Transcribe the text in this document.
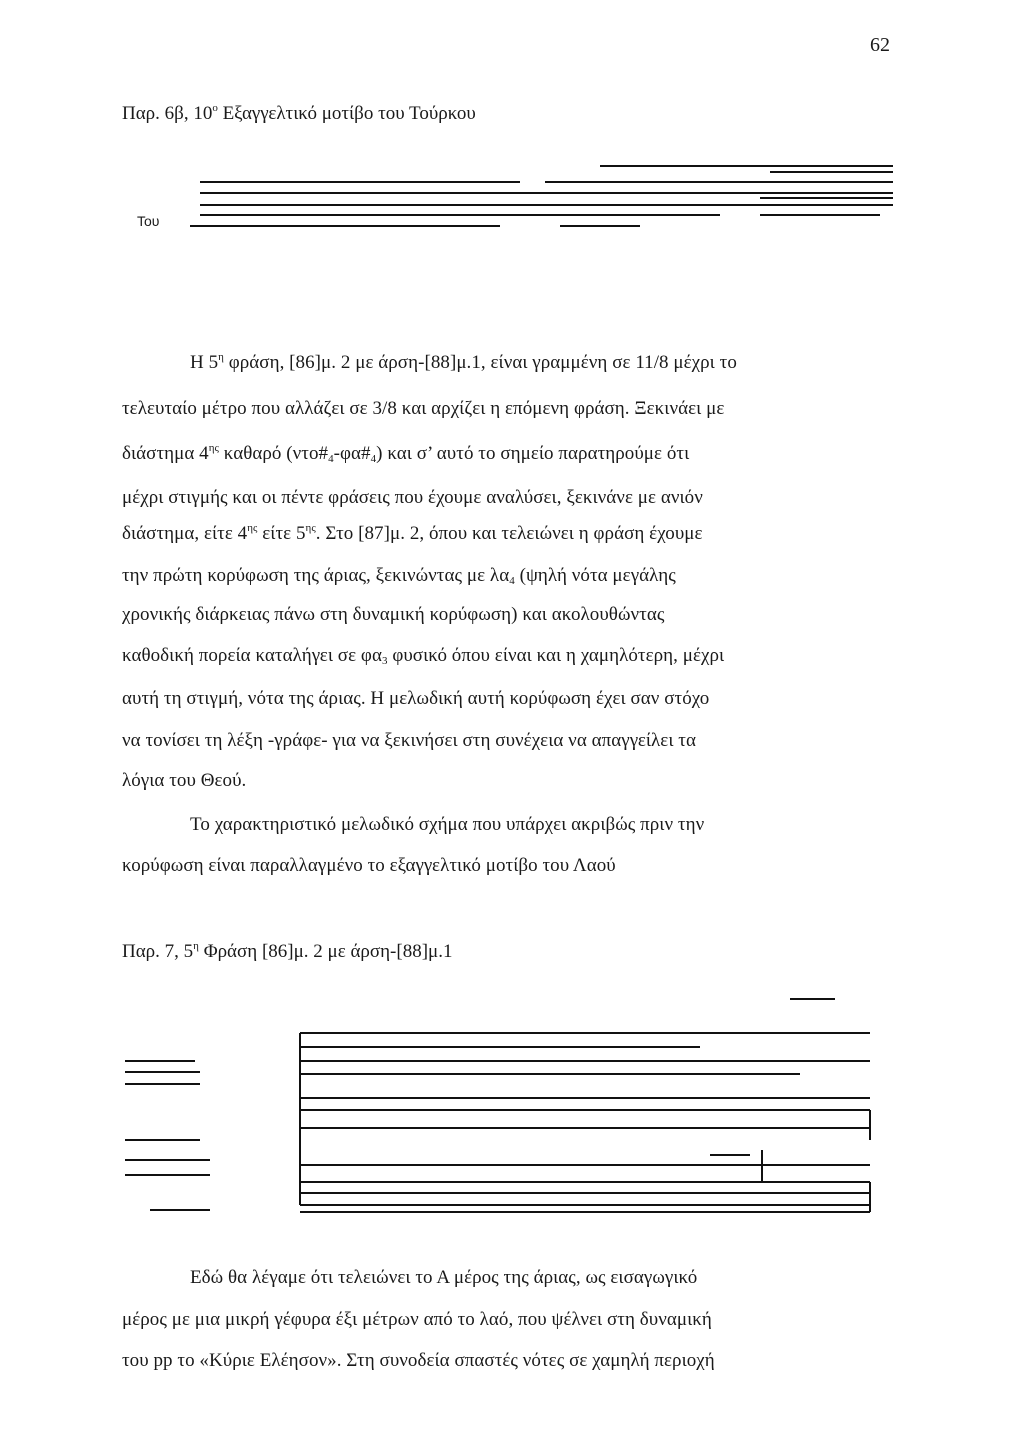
62
Παρ. 6β, $10^o$ Εξαγγελτικό μοτίβο του Τούρκου
Του
Η $5^\eta$ φράση, [86]μ. 2 με άρση-[88]μ.1, είναι γραμμένη σε 11/8 μέχρι το
τελευταίο μέτρο που αλλάζει σε 3/8 και αρχίζει η επόμενη φράση. Ξεκινάει με
διάστημα $4^{\eta\varsigma}$ καθαρό $(\nu\tau o\#_4-\varphi\alpha\#_4)$ και σ’ αυτό το σημείο παρατηρούμε ότι
μέχρι στιγμής και οι πέντε φράσεις που έχουμε αναλύσει, ξεκινάνε με ανιόν
διάστημα, είτε $4^{\eta\varsigma}$ είτε $5^{\eta\varsigma}$. Στο [87]μ. 2, όπου και τελειώνει η φράση έχουμε
την πρώτη κορύφωση της άριας, ξεκινώντας με $\lambda\alpha_4$ (ψηλή νότα μεγάλης
χρονικής διάρκειας πάνω στη δυναμική κορύφωση) και ακολουθώντας
καθοδική πορεία καταλήγει σε $\varphi\alpha_3$ φυσικό όπου είναι και η χαμηλότερη, μέχρι
αυτή τη στιγμή, νότα της άριας. Η μελωδική αυτή κορύφωση έχει σαν στόχο
να τονίσει τη λέξη -γράφε- για να ξεκινήσει στη συνέχεια να απαγγείλει τα
λόγια του Θεού.
Το χαρακτηριστικό μελωδικό σχήμα που υπάρχει ακριβώς πριν την
κορύφωση είναι παραλλαγμένο το εξαγγελτικό μοτίβο του Λαού
Παρ. 7, $5^\eta$ Φράση [86]μ. 2 με άρση-[88]μ.1
Εδώ θα λέγαμε ότι τελειώνει το Α μέρος της άριας, ως εισαγωγικό
μέρος με μια μικρή γέφυρα έξι μέτρων από το λαό, που ψέλνει στη δυναμική
του pp το «Κύριε Ελέησον». Στη συνοδεία σπαστές νότες σε χαμηλή περιοχή
